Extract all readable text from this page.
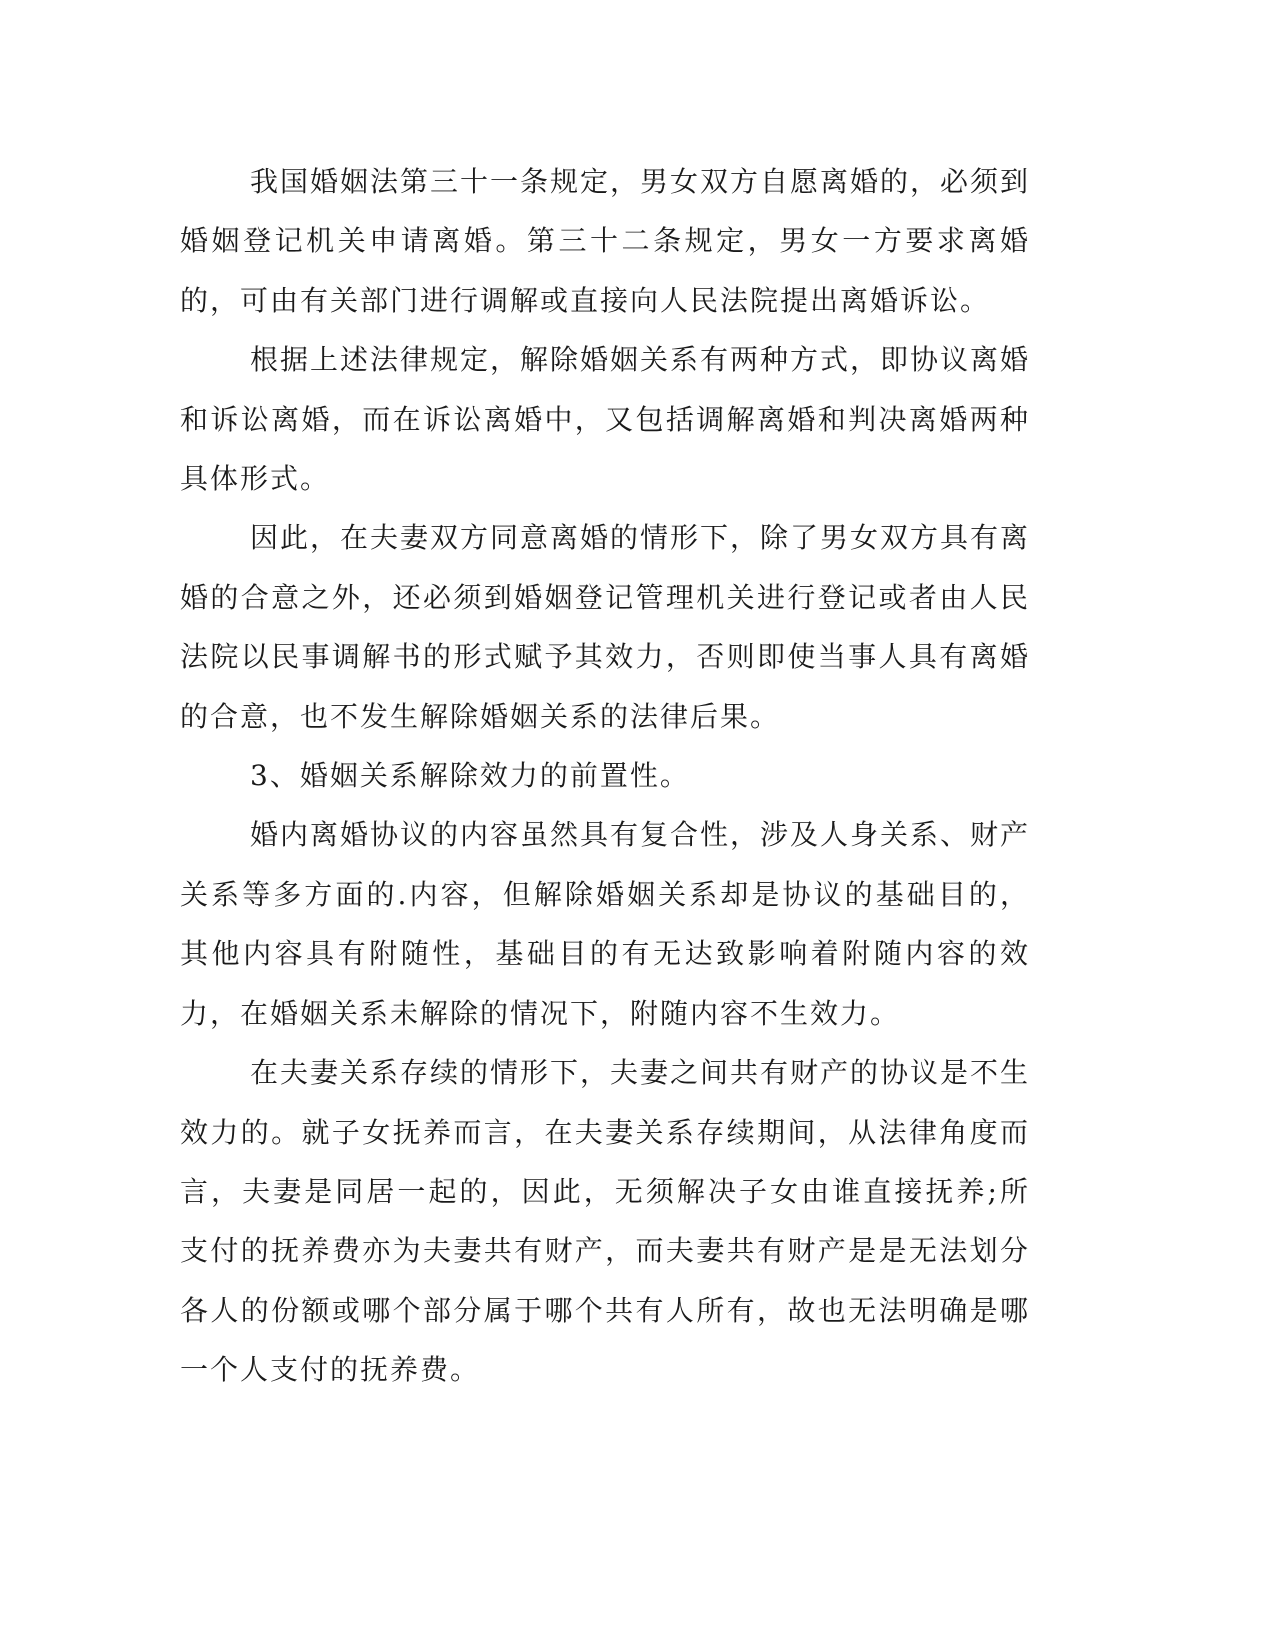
我国婚姻法第三十一条规定，男女双方自愿离婚的，必须到婚姻登记机关申请离婚。第三十二条规定，男女一方要求离婚的，可由有关部门进行调解或直接向人民法院提出离婚诉讼。

根据上述法律规定，解除婚姻关系有两种方式，即协议离婚和诉讼离婚，而在诉讼离婚中，又包括调解离婚和判决离婚两种具体形式。

因此，在夫妻双方同意离婚的情形下，除了男女双方具有离婚的合意之外，还必须到婚姻登记管理机关进行登记或者由人民法院以民事调解书的形式赋予其效力，否则即使当事人具有离婚的合意，也不发生解除婚姻关系的法律后果。

3、婚姻关系解除效力的前置性。

婚内离婚协议的内容虽然具有复合性，涉及人身关系、财产关系等多方面的.内容，但解除婚姻关系却是协议的基础目的，其他内容具有附随性，基础目的有无达致影响着附随内容的效力，在婚姻关系未解除的情况下，附随内容不生效力。

在夫妻关系存续的情形下，夫妻之间共有财产的协议是不生效力的。就子女抚养而言，在夫妻关系存续期间，从法律角度而言，夫妻是同居一起的，因此，无须解决子女由谁直接抚养;所支付的抚养费亦为夫妻共有财产，而夫妻共有财产是是无法划分各人的份额或哪个部分属于哪个共有人所有，故也无法明确是哪一个人支付的抚养费。
